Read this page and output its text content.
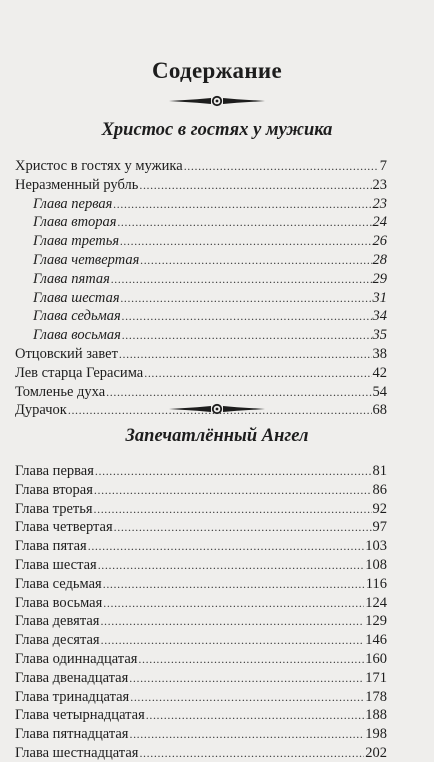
Содержание
Христос в гостях у мужика
Христос в гостях у мужика . . .	7
Неразменный рубль . . .	23
Глава первая . . .	23
Глава вторая . . .	24
Глава третья . . .	26
Глава четвертая . . .	28
Глава пятая . . .	29
Глава шестая . . .	31
Глава седьмая . . .	34
Глава восьмая . . .	35
Отцовский завет . . .	38
Лев старца Герасима . . .	42
Томленье духа . . .	54
Дурачок . . .	68
Запечатлённый Ангел
Глава первая . . .	81
Глава вторая . . .	86
Глава третья . . .	92
Глава четвертая . . .	97
Глава пятая . . .	103
Глава шестая . . .	108
Глава седьмая . . .	116
Глава восьмая . . .	124
Глава девятая . . .	129
Глава десятая . . .	146
Глава одиннадцатая . . .	160
Глава двенадцатая . . .	171
Глава тринадцатая . . .	178
Глава четырнадцатая . . .	188
Глава пятнадцатая . . .	198
Глава шестнадцатая . . .	202
